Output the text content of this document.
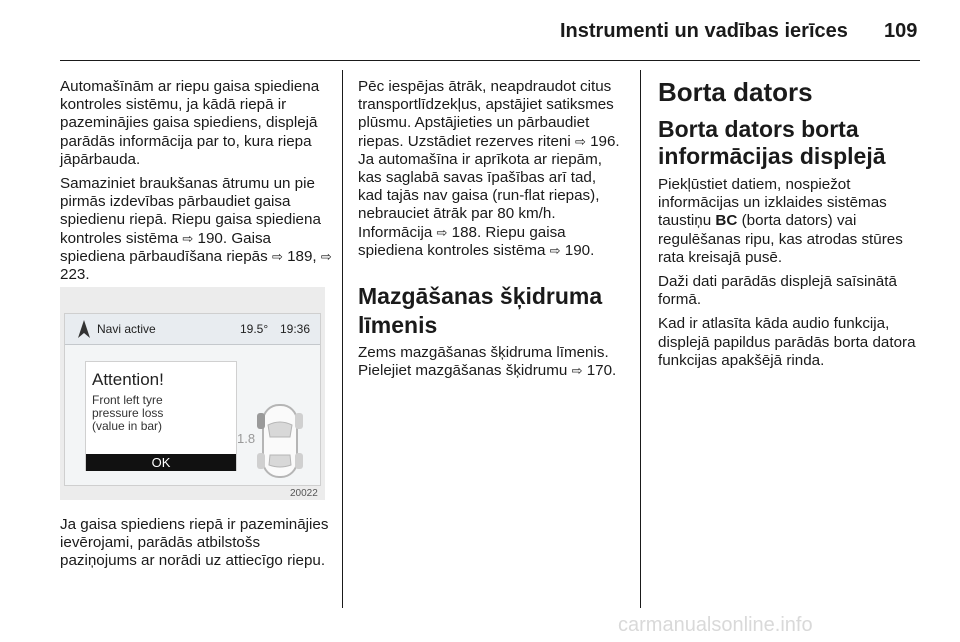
Instrumenti un vadības ierīces 109

Automašīnām ar riepu gaisa spiediena kontroles sistēmu, ja kādā riepā ir pazeminājies gaisa spiediens, displejā parādās informācija par to, kura riepa jāpārbauda.

Samaziniet braukšanas ātrumu un pie pirmās izdevības pārbaudiet gaisa spiedienu riepā. Riepu gaisa spiediena kontroles sistēma ⇨ 190. Gaisa spiediena pārbaudīšana riepās ⇨ 189, ⇨ 223.

Navi active	19.5° 19:36
Attention!
Front left tyre
pressure loss
(value in bar)
OK
1.8
20022

Ja gaisa spiediens riepā ir pazeminājies ievērojami, parādās atbilstošs paziņojums ar norādi uz attiecīgo riepu.

Pēc iespējas ātrāk, neapdraudot citus transportlīdzekļus, apstājiet satiksmes plūsmu. Apstājieties un pārbaudiet riepas. Uzstādiet rezerves riteni ⇨ 196. Ja automašīna ir aprīkota ar riepām, kas saglabā savas īpašības arī tad, kad tajās nav gaisa (run-flat riepas), nebrauciet ātrāk par 80 km/h. Informācija ⇨ 188. Riepu gaisa spiediena kontroles sistēma ⇨ 190.

Mazgāšanas šķidruma līmenis

Zems mazgāšanas šķidruma līmenis. Pielejiet mazgāšanas šķidrumu ⇨ 170.

Borta dators
Borta dators borta informācijas displejā

Piekļūstiet datiem, nospiežot informācijas un izklaides sistēmas taustiņu BC (borta dators) vai regulēšanas ripu, kas atrodas stūres rata kreisajā pusē.

Daži dati parādās displejā saīsinātā formā.

Kad ir atlasīta kāda audio funkcija, displejā papildus parādās borta datora funkcijas apakšējā rinda.

carmanualsonline.info
